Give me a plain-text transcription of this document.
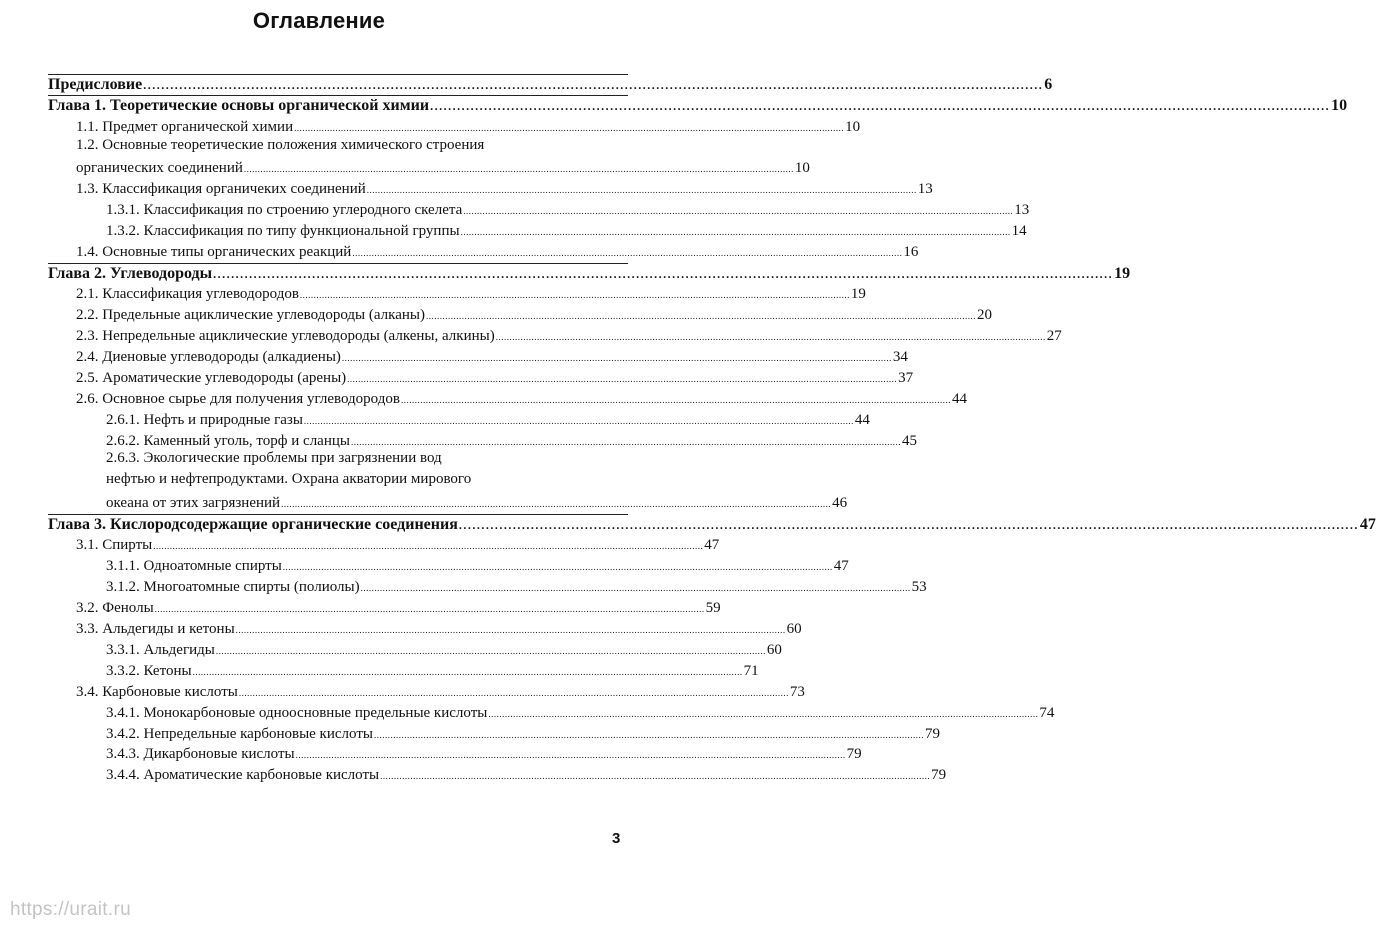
Оглавление
Предисловие ........................................................................................................................................................................................................ 6
Глава 1. Теоретические основы органической химии ........................................................................................................................................................................................................ 10
1.1. Предмет органической химии ........................................................................................................................................................................................................ 10
1.2. Основные теоретические положения химического строения
органических соединений ........................................................................................................................................................................................................ 10
1.3. Классификация органичеких соединений ........................................................................................................................................................................................................ 13
1.3.1. Классификация по строению углеродного скелета ........................................................................................................................................................................................................ 13
1.3.2. Классификация по типу функциональной группы ........................................................................................................................................................................................................ 14
1.4. Основные типы органических реакций ........................................................................................................................................................................................................ 16
Глава 2. Углеводороды ........................................................................................................................................................................................................ 19
2.1. Классификация углеводородов ........................................................................................................................................................................................................ 19
2.2. Предельные ациклические углеводороды (алканы) ........................................................................................................................................................................................................ 20
2.3. Непредельные ациклические углеводороды (алкены, алкины) ........................................................................................................................................................................................................ 27
2.4. Диеновые углеводороды (алкадиены) ........................................................................................................................................................................................................ 34
2.5. Ароматические углеводороды (арены) ........................................................................................................................................................................................................ 37
2.6. Основное сырье для получения углеводородов ........................................................................................................................................................................................................ 44
2.6.1. Нефть и природные газы ........................................................................................................................................................................................................ 44
2.6.2. Каменный уголь, торф и сланцы ........................................................................................................................................................................................................ 45
2.6.3. Экологические проблемы при загрязнении вод
нефтью и нефтепродуктами. Охрана акватории мирового
океана от этих загрязнений ........................................................................................................................................................................................................ 46
Глава 3. Кислородсодержащие органические соединения ........................................................................................................................................................................................................ 47
3.1. Спирты ........................................................................................................................................................................................................ 47
3.1.1. Одноатомные спирты ........................................................................................................................................................................................................ 47
3.1.2. Многоатомные спирты (полиолы) ........................................................................................................................................................................................................ 53
3.2. Фенолы ........................................................................................................................................................................................................ 59
3.3. Альдегиды и кетоны ........................................................................................................................................................................................................ 60
3.3.1. Альдегиды ........................................................................................................................................................................................................ 60
3.3.2. Кетоны ........................................................................................................................................................................................................ 71
3.4. Карбоновые кислоты ........................................................................................................................................................................................................ 73
3.4.1. Монокарбоновые одноосновные предельные кислоты ........................................................................................................................................................................................................ 74
3.4.2. Непредельные карбоновые кислоты ........................................................................................................................................................................................................ 79
3.4.3. Дикарбоновые кислоты ........................................................................................................................................................................................................ 79
3.4.4. Ароматические карбоновые кислоты ........................................................................................................................................................................................................ 79
3
https://urait.ru
